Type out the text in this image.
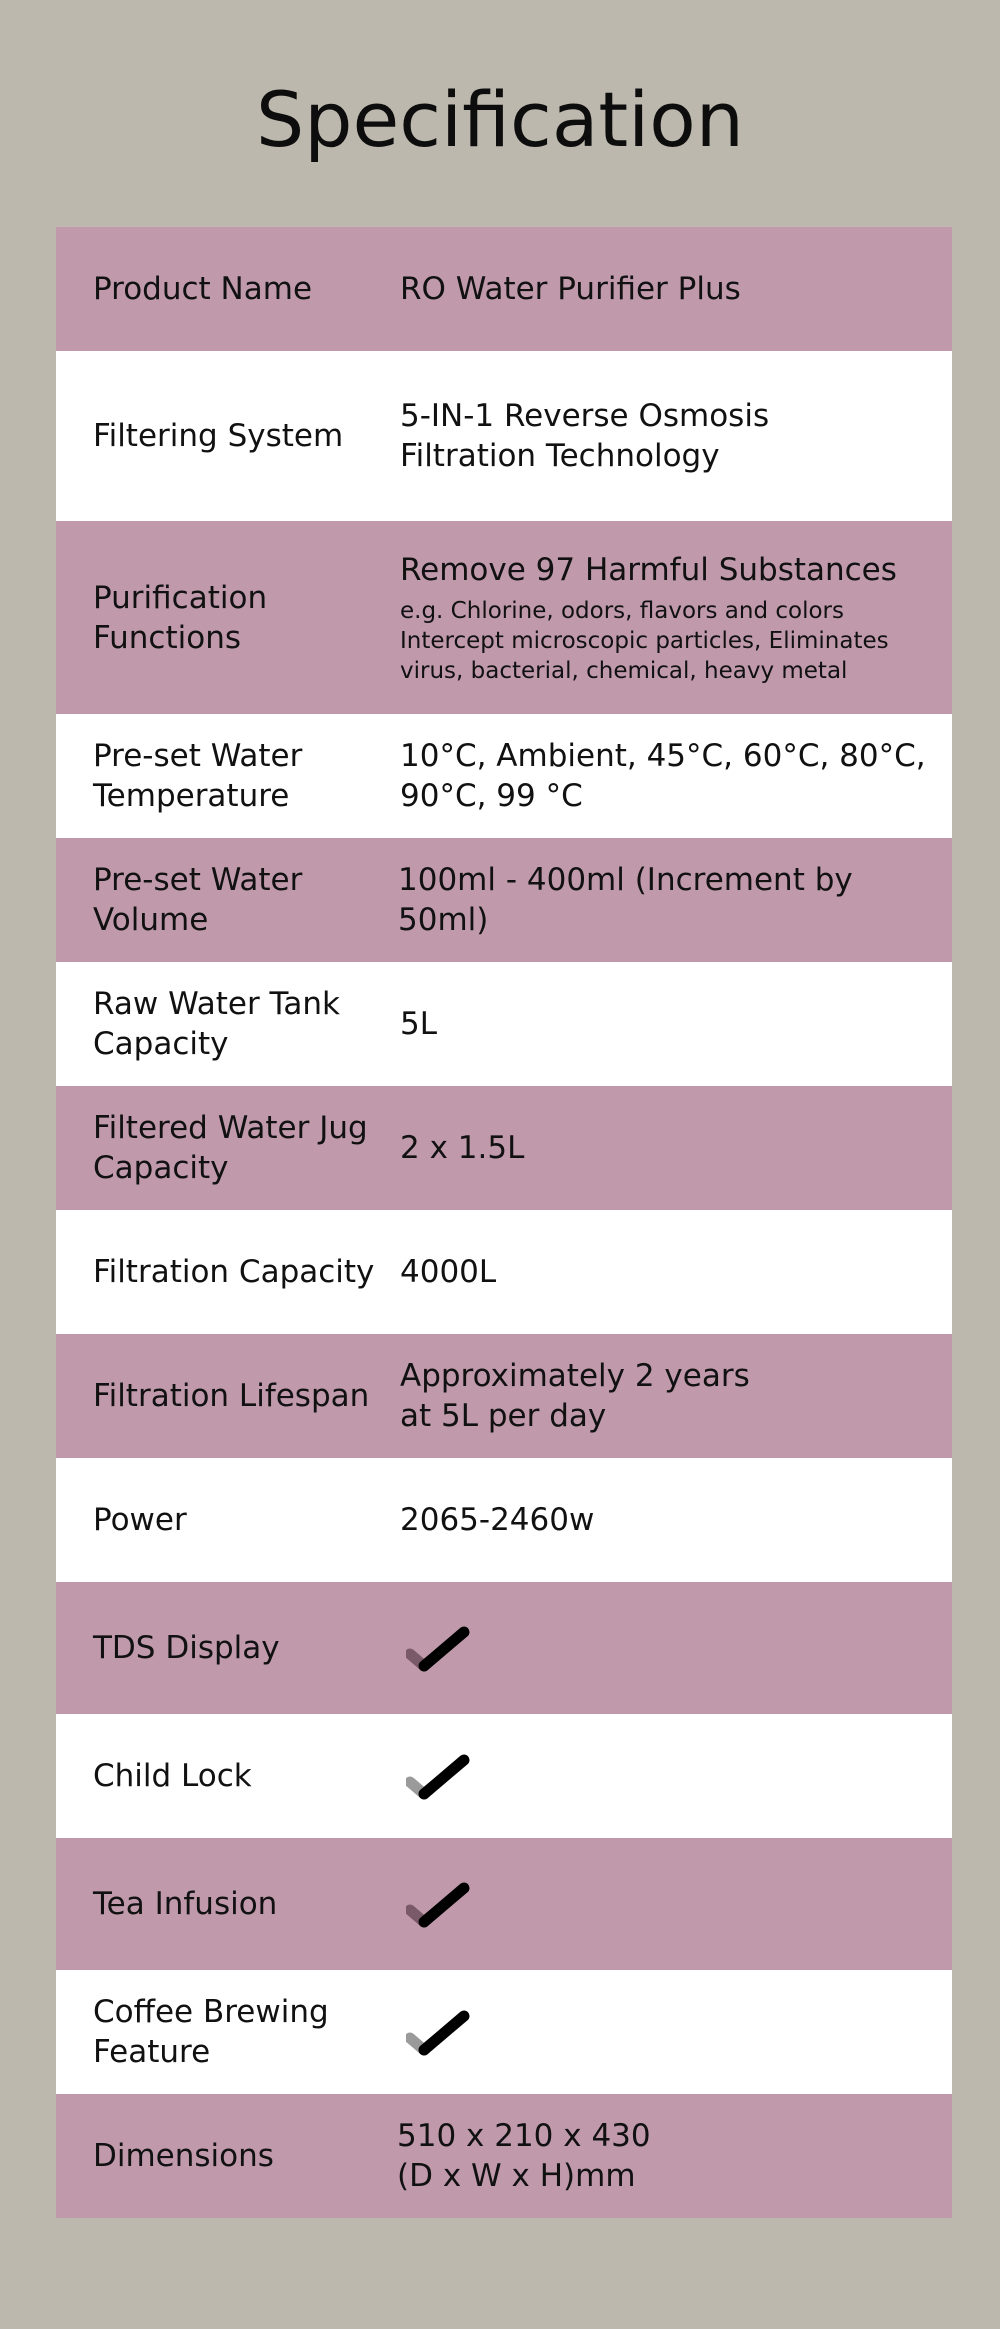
Specification
Product Name	RO Water Purifier Plus
Filtering System
5-IN-1 Reverse Osmosis
Filtration Technology
Purification
Functions
Remove 97 Harmful Substances
e.g. Chlorine, odors, flavors and colors
Intercept microscopic particles, Eliminates
virus, bacterial, chemical, heavy metal
Pre-set Water
Temperature
10°C, Ambient, 45°C, 60°C, 80°C,
90°C, 99 °C
Pre-set Water
Volume
100ml - 400ml (Increment by 50ml)
Raw Water Tank
Capacity
5L
Filtered Water Jug
Capacity
2 x 1.5L
Filtration Capacity 4000L
Filtration Lifespan
Approximately 2 years
at 5L per day
Power	2065-2460w
TDS Display
Child Lock
Tea Infusion
Coffee Brewing
Feature
Dimensions
510 x 210 x 430
(D x W x H)mm
